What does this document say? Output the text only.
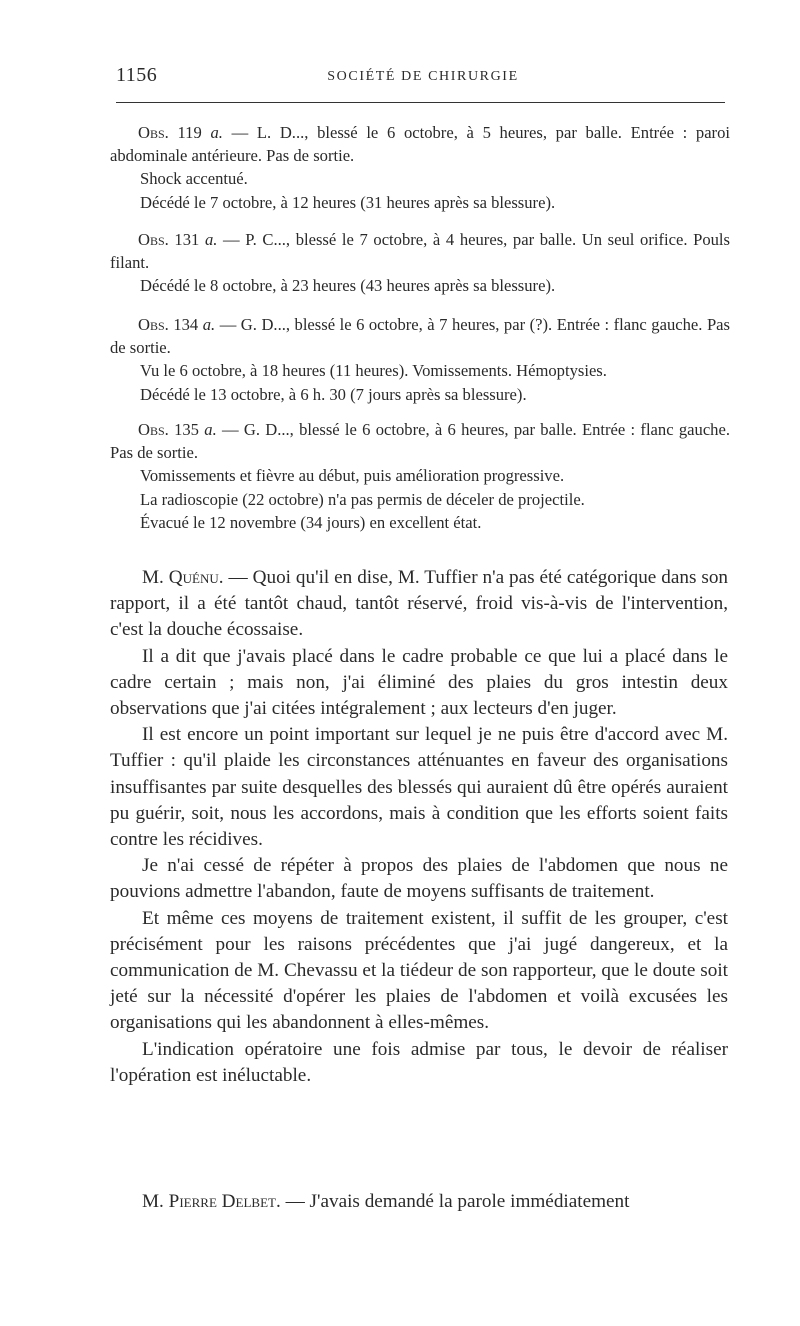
1156	SOCIÉTÉ DE CHIRURGIE

Obs. 119 a. — L. D..., blessé le 6 octobre, à 5 heures, par balle. Entrée : paroi abdominale antérieure. Pas de sortie.

Shock accentué.

Décédé le 7 octobre, à 12 heures (31 heures après sa blessure).

Obs. 131 a. — P. C..., blessé le 7 octobre, à 4 heures, par balle. Un seul orifice. Pouls filant.

Décédé le 8 octobre, à 23 heures (43 heures après sa blessure).

Obs. 134 a. — G. D..., blessé le 6 octobre, à 7 heures, par (?). Entrée : flanc gauche. Pas de sortie.

Vu le 6 octobre, à 18 heures (11 heures). Vomissements. Hémoptysies.

Décédé le 13 octobre, à 6 h. 30 (7 jours après sa blessure).

Obs. 135 a. — G. D..., blessé le 6 octobre, à 6 heures, par balle. Entrée : flanc gauche. Pas de sortie.

Vomissements et fièvre au début, puis amélioration progressive.

La radioscopie (22 octobre) n'a pas permis de déceler de projectile.

Évacué le 12 novembre (34 jours) en excellent état.

M. Quénu. — Quoi qu'il en dise, M. Tuffier n'a pas été catégorique dans son rapport, il a été tantôt chaud, tantôt réservé, froid vis-à-vis de l'intervention, c'est la douche écossaise.

Il a dit que j'avais placé dans le cadre probable ce que lui a placé dans le cadre certain ; mais non, j'ai éliminé des plaies du gros intestin deux observations que j'ai citées intégralement ; aux lecteurs d'en juger.

Il est encore un point important sur lequel je ne puis être d'accord avec M. Tuffier : qu'il plaide les circonstances atténuantes en faveur des organisations insuffisantes par suite desquelles des blessés qui auraient dû être opérés auraient pu guérir, soit, nous les accordons, mais à condition que les efforts soient faits contre les récidives.

Je n'ai cessé de répéter à propos des plaies de l'abdomen que nous ne pouvions admettre l'abandon, faute de moyens suffisants de traitement.

Et même ces moyens de traitement existent, il suffit de les grouper, c'est précisément pour les raisons précédentes que j'ai jugé dangereux, et la communication de M. Chevassu et la tiédeur de son rapporteur, que le doute soit jeté sur la nécessité d'opérer les plaies de l'abdomen et voilà excusées les organisations qui les abandonnent à elles-mêmes.

L'indication opératoire une fois admise par tous, le devoir de réaliser l'opération est inéluctable.

M. Pierre Delbet. — J'avais demandé la parole immédiatement
